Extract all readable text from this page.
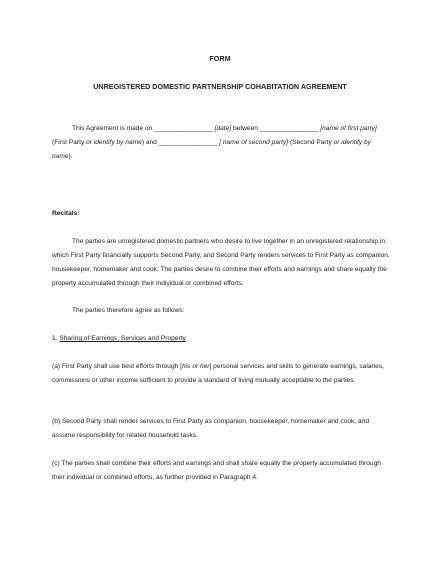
FORM
UNREGISTERED DOMESTIC PARTNERSHIP COHABITATION AGREEMENT

This Agreement is made on ________________ [date] between ________________ [name of first party] (First Party or identify by name) and ________________ [ name of second party] (Second Party or identify by name).

Recitals:

The parties are unregistered domestic partners who desire to live together in an unregistered relationship in which First Party financially supports Second Party, and Second Party renders services to First Party as companion, housekeeper, homemaker and cook. The parties desire to combine their efforts and earnings and share equally the property accumulated through their individual or combined efforts.

The parties therefore agree as follows:

1. Sharing of Earnings, Services and Property

(a) First Party shall use best efforts through [his or her] personal services and skills to generate earnings, salaries, commissions or other income sufficient to provide a standard of living mutually acceptable to the parties.

(b) Second Party shall render services to First Party as companion, housekeeper, homemaker and cook, and assume responsibility for related household tasks.

(c) The parties shall combine their efforts and earnings and shall share equally the property accumulated through their individual or combined efforts, as further provided in Paragraph 4.
